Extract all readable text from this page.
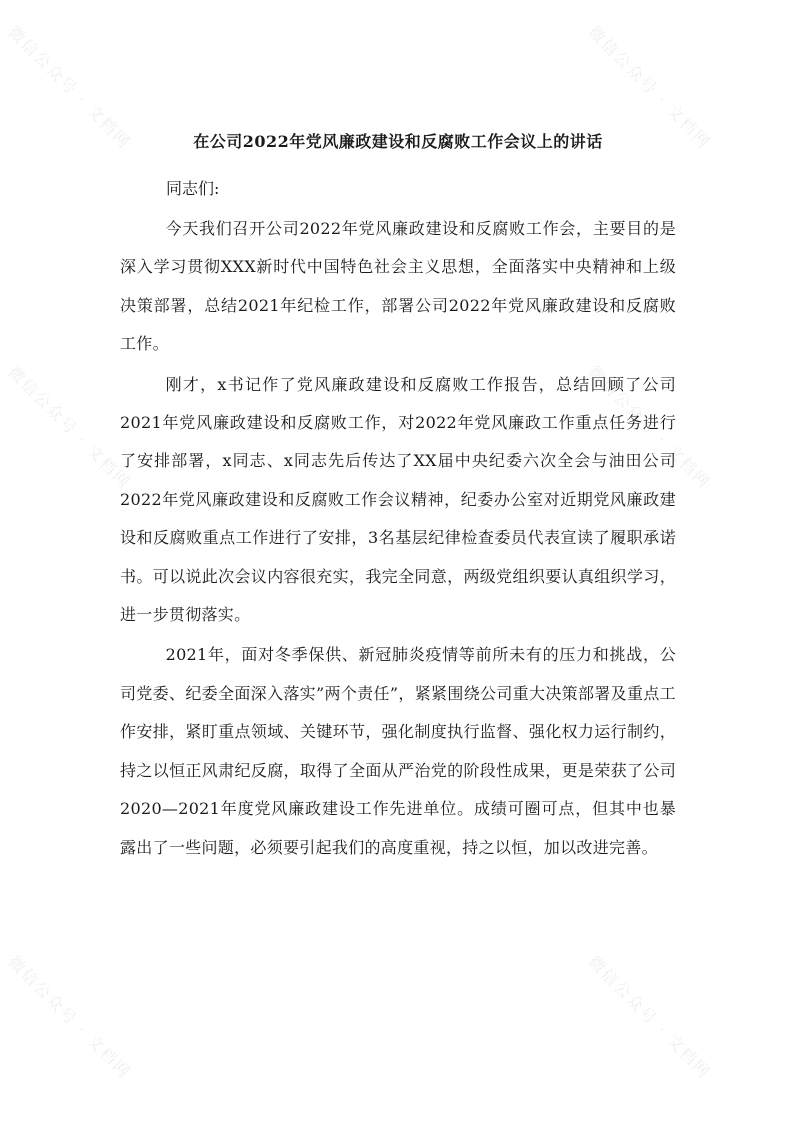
微信公众号 · 文档网	微信公众号 · 文档网
微信公众号 · 文档网	微信公众号 · 文档网
微信公众号 · 文档网	微信公众号 · 文档网
在公司2022年党风廉政建设和反腐败工作会议上的讲话

同志们:

今天我们召开公司2022年党风廉政建设和反腐败工作会，主要目的是深入学习贯彻XXX新时代中国特色社会主义思想，全面落实中央精神和上级决策部署，总结2021年纪检工作，部署公司2022年党风廉政建设和反腐败工作。

刚才，x书记作了党风廉政建设和反腐败工作报告，总结回顾了公司2021年党风廉政建设和反腐败工作，对2022年党风廉政工作重点任务进行了安排部署，x同志、x同志先后传达了XX届中央纪委六次全会与油田公司2022年党风廉政建设和反腐败工作会议精神，纪委办公室对近期党风廉政建设和反腐败重点工作进行了安排，3名基层纪律检查委员代表宣读了履职承诺书。可以说此次会议内容很充实，我完全同意，两级党组织要认真组织学习，进一步贯彻落实。

2021年，面对冬季保供、新冠肺炎疫情等前所未有的压力和挑战，公司党委、纪委全面深入落实”两个责任”，紧紧围绕公司重大决策部署及重点工作安排，紧盯重点领域、关键环节，强化制度执行监督、强化权力运行制约，持之以恒正风肃纪反腐，取得了全面从严治党的阶段性成果，更是荣获了公司2020—2021年度党风廉政建设工作先进单位。成绩可圈可点，但其中也暴露出了一些问题，必须要引起我们的高度重视，持之以恒，加以改进完善。
